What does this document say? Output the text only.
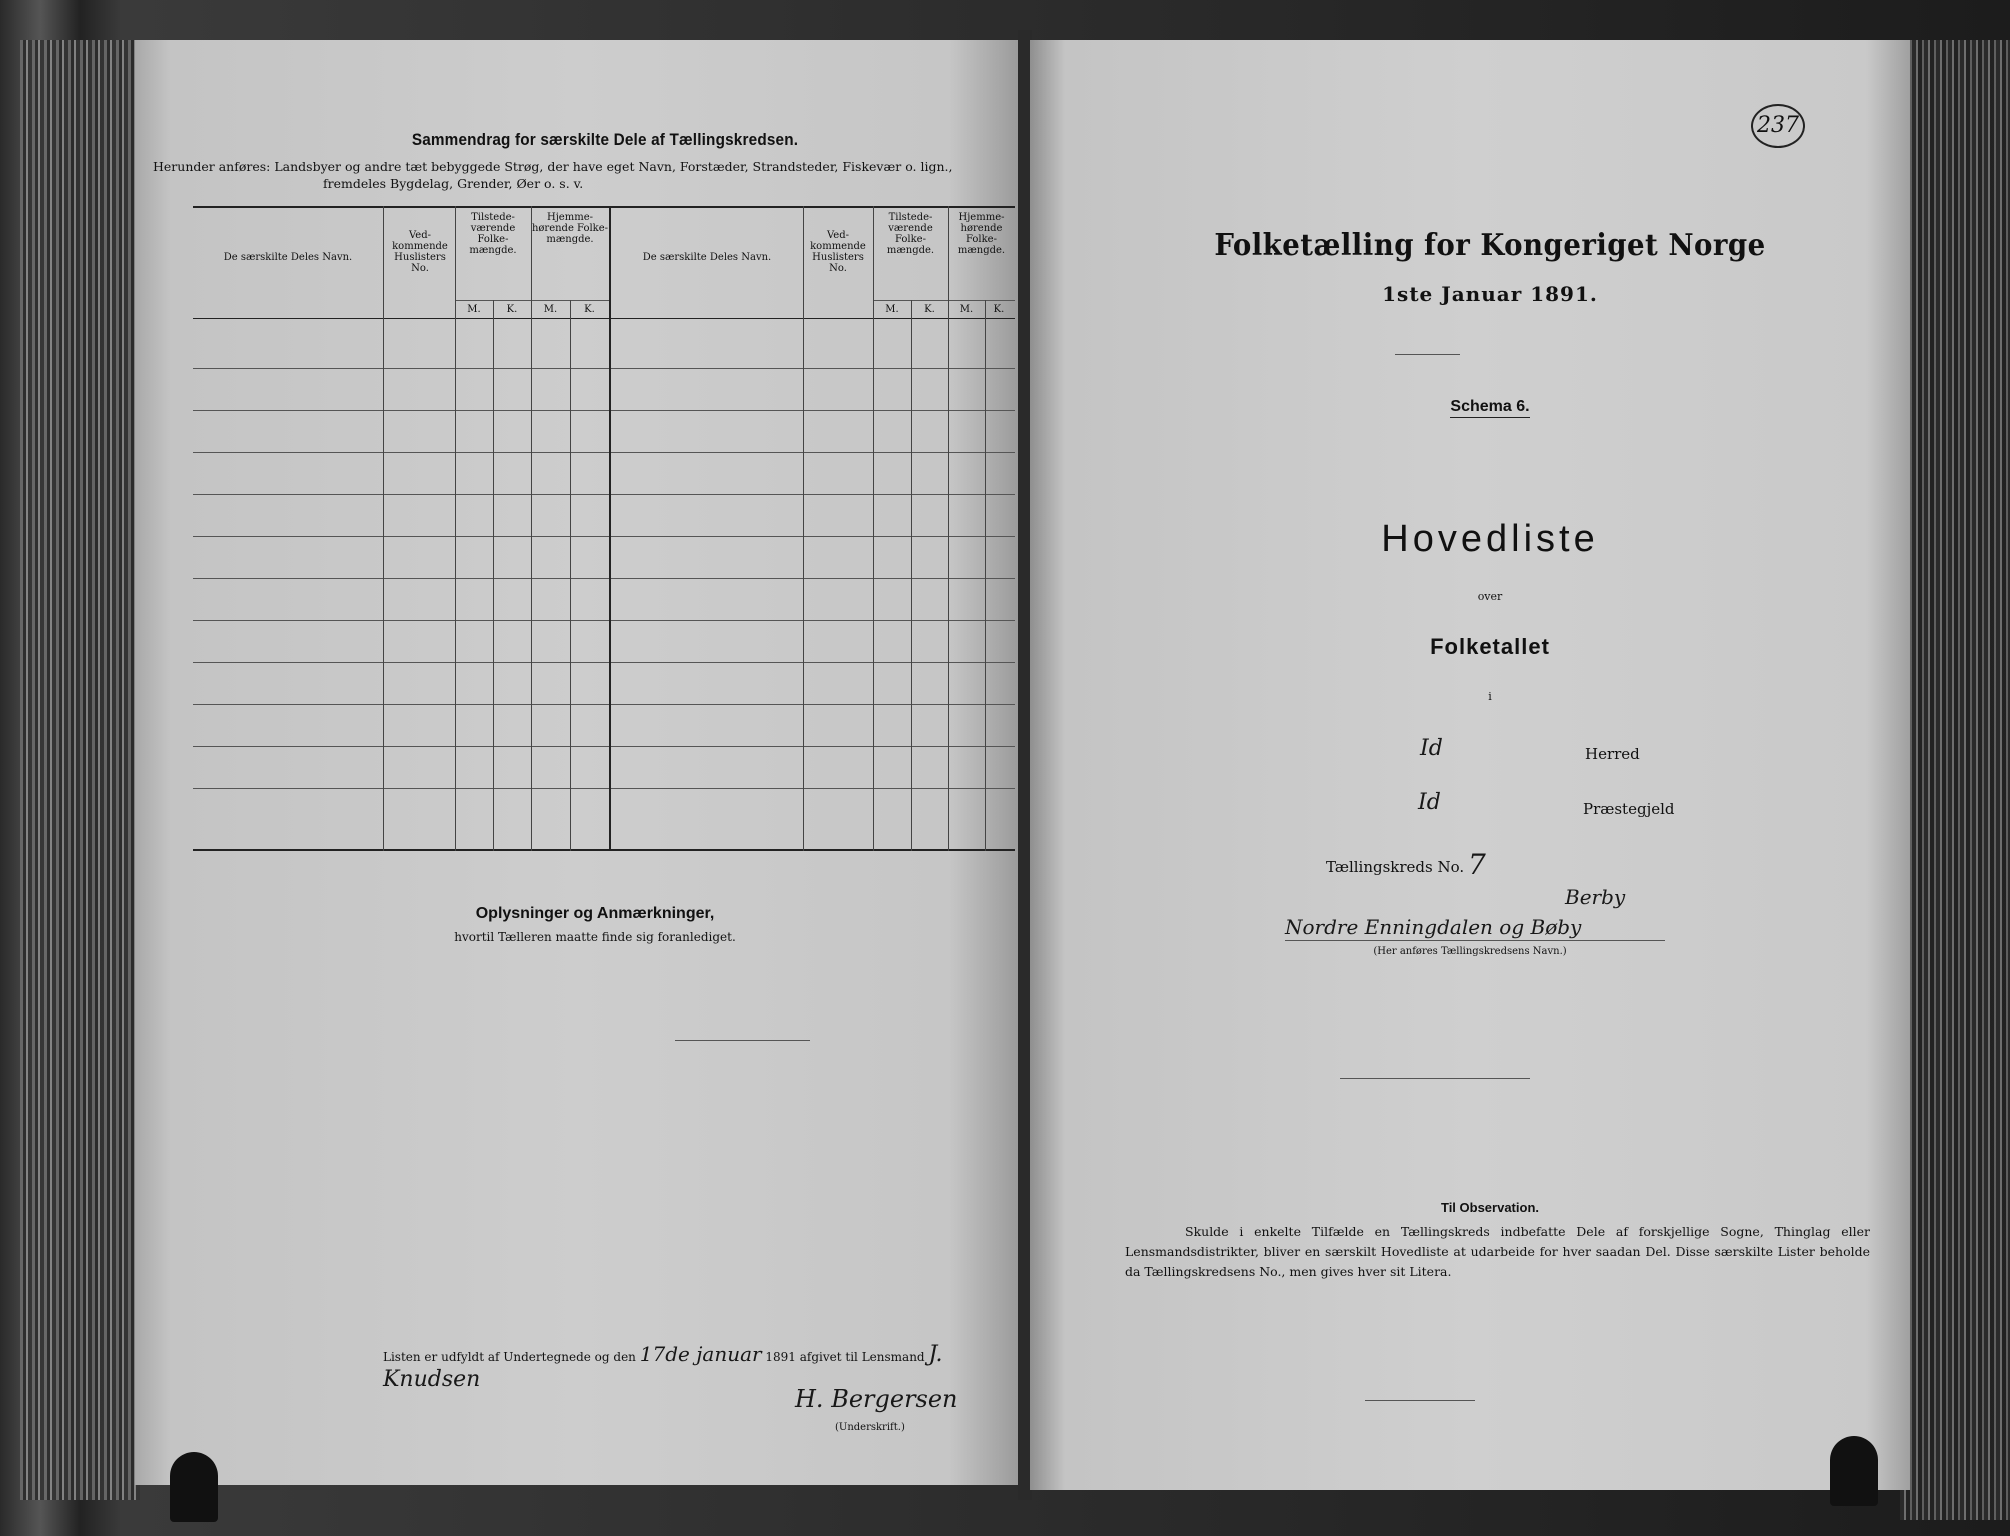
Sammendrag for særskilte Dele af Tællingskredsen.
Herunder anføres: Landsbyer og andre tæt bebyggede Strøg, der have eget Navn, Forstæder, Strandsteder, Fiskevær o. lign.,
fremdeles Bygdelag, Grender, Øer o. s. v.
De særskilte Deles Navn.
Ved-kommende Huslisters No.
Tilstede-værende Folke-mængde.
Hjemme-hørende Folke-mængde.
M.	K.	M.	K.
De særskilte Deles Navn.
Ved-kommende Huslisters No.
Tilstede-værende Folke-mængde.
Hjemme-hørende Folke-mængde.
M.	K.	M.	K.
Oplysninger og Anmærkninger,
hvortil Tælleren maatte finde sig foranlediget.
Listen er udfyldt af Undertegnede og den 17de januar 1891 afgivet til Lensmand J. Knudsen
H. Bergersen
(Underskrift.)
237
Folketælling for Kongeriget Norge
1ste Januar 1891.
Schema 6.
Hovedliste
over
Folketallet
i
Id	Herred
Id	Præstegjeld
Tællingskreds No. 7
Berby
Nordre Enningdalen og Bøby
(Her anføres Tællingskredsens Navn.)
Til Observation.
Skulde i enkelte Tilfælde en Tællingskreds indbefatte Dele af forskjellige Sogne, Thinglag eller Lensmandsdistrikter, bliver en særskilt Hovedliste at udarbeide for hver saadan Del. Disse særskilte Lister beholde da Tællingskredsens No., men gives hver sit Litera.
